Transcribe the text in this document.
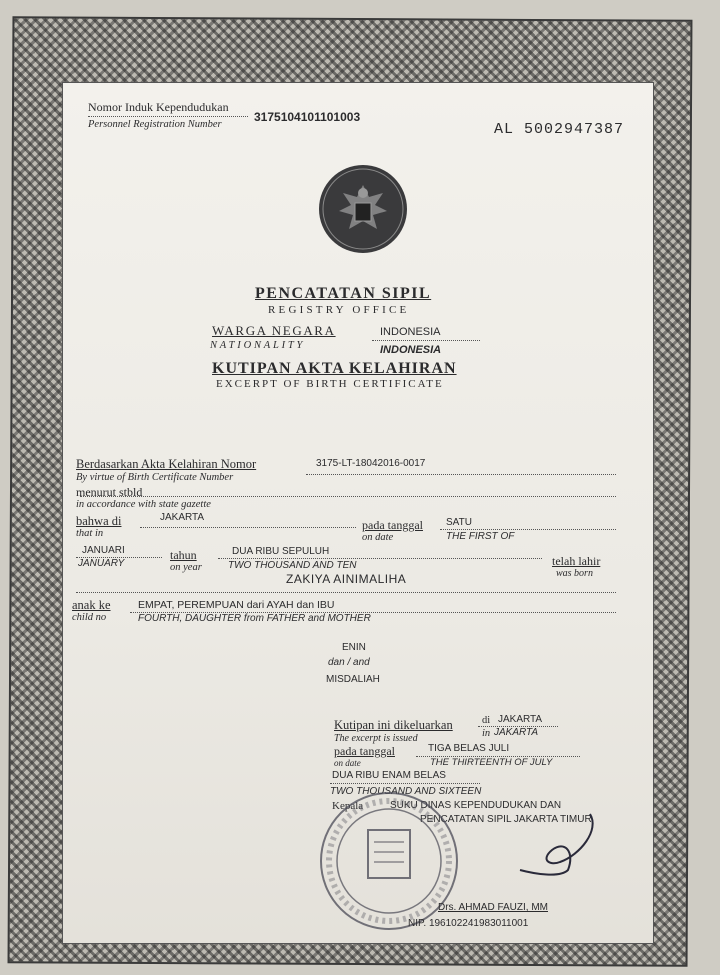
Nomor Induk Kependudukan
Personnel Registration Number
3175104101101003
AL 5002947387
PENCATATAN SIPIL
REGISTRY OFFICE
WARGA NEGARA
NATIONALITY
INDONESIA
INDONESIA
KUTIPAN AKTA KELAHIRAN
EXCERPT OF BIRTH CERTIFICATE
Berdasarkan Akta Kelahiran Nomor
By virtue of Birth Certificate Number
3175-LT-18042016-0017
menurut stbld
in accordance with state gazette
bahwa di
that in
JAKARTA
pada tanggal
on date
SATU
THE FIRST OF
JANUARI
JANUARY
tahun
on year
DUA RIBU SEPULUH
TWO THOUSAND AND TEN	telah lahir
was born
ZAKIYA AINIMALIHA
anak ke
child no
EMPAT, PEREMPUAN dari AYAH dan IBU
FOURTH, DAUGHTER from FATHER and MOTHER
ENIN
dan / and
MISDALIAH
Kutipan ini dikeluarkan
The excerpt is issued
di
in
JAKARTA
JAKARTA
pada tanggal
on date
TIGA BELAS JULI
THE THIRTEENTH OF JULY
DUA RIBU ENAM BELAS
TWO THOUSAND AND SIXTEEN
Kepala	SUKU DINAS KEPENDUDUKAN DAN
PENCATATAN SIPIL JAKARTA TIMUR
Drs. AHMAD FAUZI, MM
NIP. 196102241983011001
